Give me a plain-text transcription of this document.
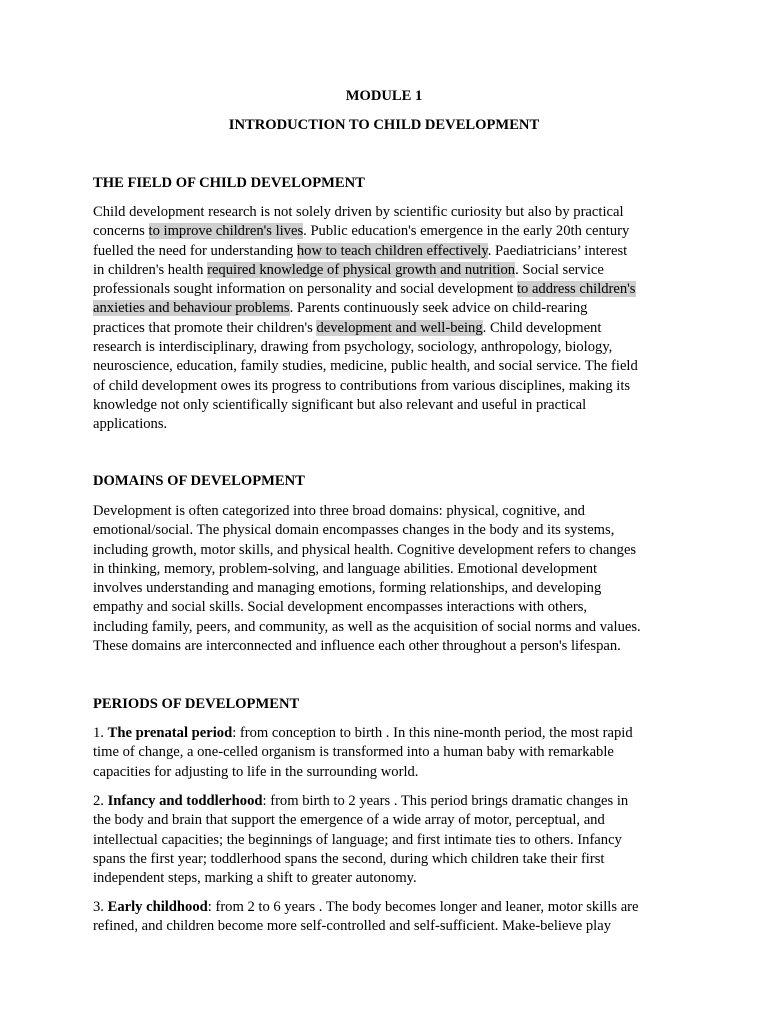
MODULE 1
INTRODUCTION TO CHILD DEVELOPMENT
THE FIELD OF CHILD DEVELOPMENT
Child development research is not solely driven by scientific curiosity but also by practical
concerns to improve children's lives. Public education's emergence in the early 20th century
fuelled the need for understanding how to teach children effectively. Paediatricians’ interest
in children's health required knowledge of physical growth and nutrition. Social service
professionals sought information on personality and social development to address children's
anxieties and behaviour problems. Parents continuously seek advice on child-rearing
practices that promote their children's development and well-being. Child development
research is interdisciplinary, drawing from psychology, sociology, anthropology, biology,
neuroscience, education, family studies, medicine, public health, and social service. The field
of child development owes its progress to contributions from various disciplines, making its
knowledge not only scientifically significant but also relevant and useful in practical
applications.
DOMAINS OF DEVELOPMENT
Development is often categorized into three broad domains: physical, cognitive, and
emotional/social. The physical domain encompasses changes in the body and its systems,
including growth, motor skills, and physical health. Cognitive development refers to changes
in thinking, memory, problem-solving, and language abilities. Emotional development
involves understanding and managing emotions, forming relationships, and developing
empathy and social skills. Social development encompasses interactions with others,
including family, peers, and community, as well as the acquisition of social norms and values.
These domains are interconnected and influence each other throughout a person's lifespan.
PERIODS OF DEVELOPMENT
1. The prenatal period: from conception to birth . In this nine-month period, the most rapid
time of change, a one-celled organism is transformed into a human baby with remarkable
capacities for adjusting to life in the surrounding world.
2. Infancy and toddlerhood: from birth to 2 years . This period brings dramatic changes in
the body and brain that support the emergence of a wide array of motor, perceptual, and
intellectual capacities; the beginnings of language; and first intimate ties to others. Infancy
spans the first year; toddlerhood spans the second, during which children take their first
independent steps, marking a shift to greater autonomy.
3. Early childhood: from 2 to 6 years . The body becomes longer and leaner, motor skills are
refined, and children become more self-controlled and self-sufficient. Make-believe play
